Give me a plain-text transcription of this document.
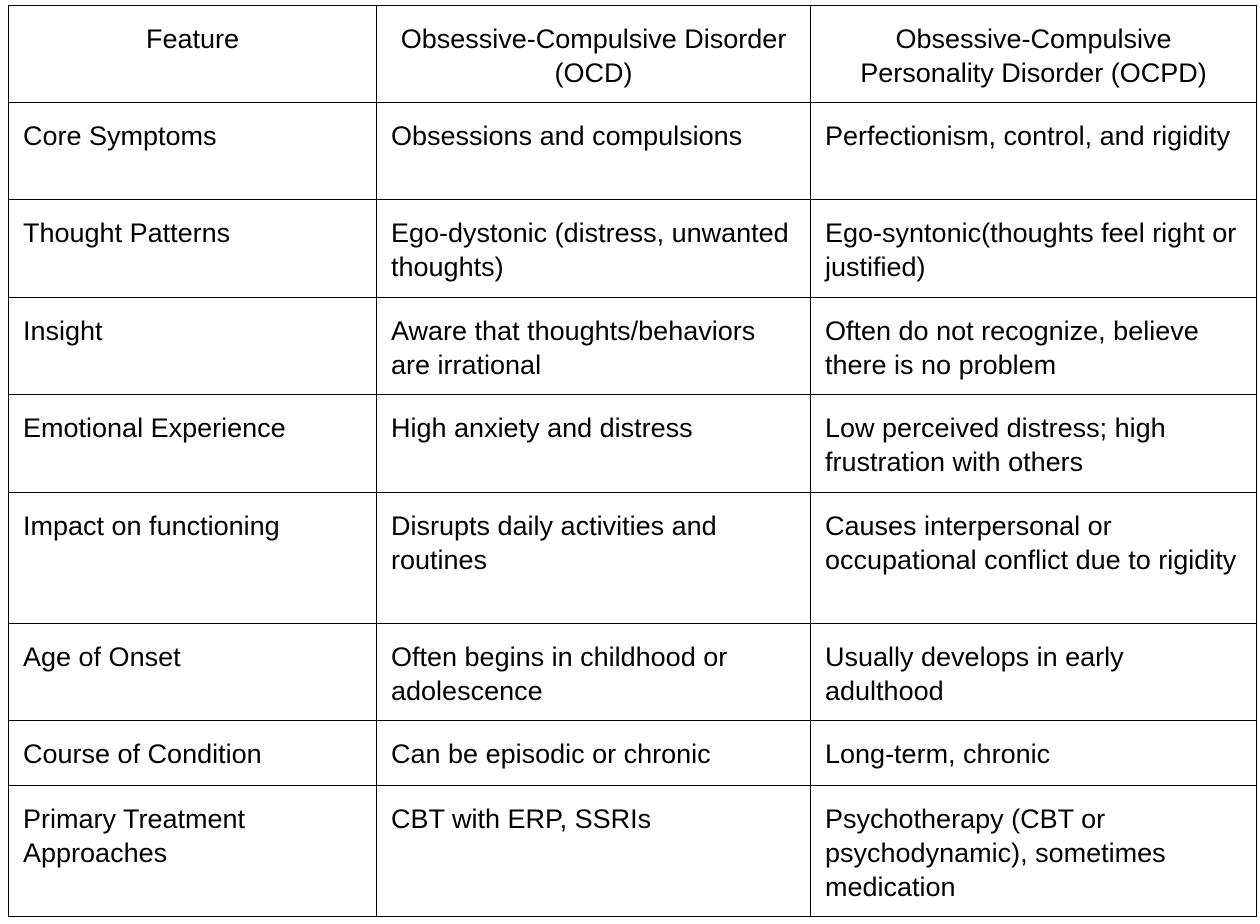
Feature	Obsessive-Compulsive Disorder (OCD)	Obsessive-Compulsive Personality Disorder (OCPD)
Core Symptoms	Obsessions and compulsions	Perfectionism, control, and rigidity
Thought Patterns	Ego-dystonic (distress, unwanted thoughts)	Ego-syntonic(thoughts feel right or justified)
Insight	Aware that thoughts/behaviors are irrational	Often do not recognize, believe there is no problem
Emotional Experience	High anxiety and distress	Low perceived distress; high frustration with others
Impact on functioning	Disrupts daily activities and routines	Causes interpersonal or occupational conflict due to rigidity
Age of Onset	Often begins in childhood or adolescence	Usually develops in early adulthood
Course of Condition	Can be episodic or chronic	Long-term, chronic
Primary Treatment Approaches	CBT with ERP, SSRIs	Psychotherapy (CBT or psychodynamic), sometimes medication
